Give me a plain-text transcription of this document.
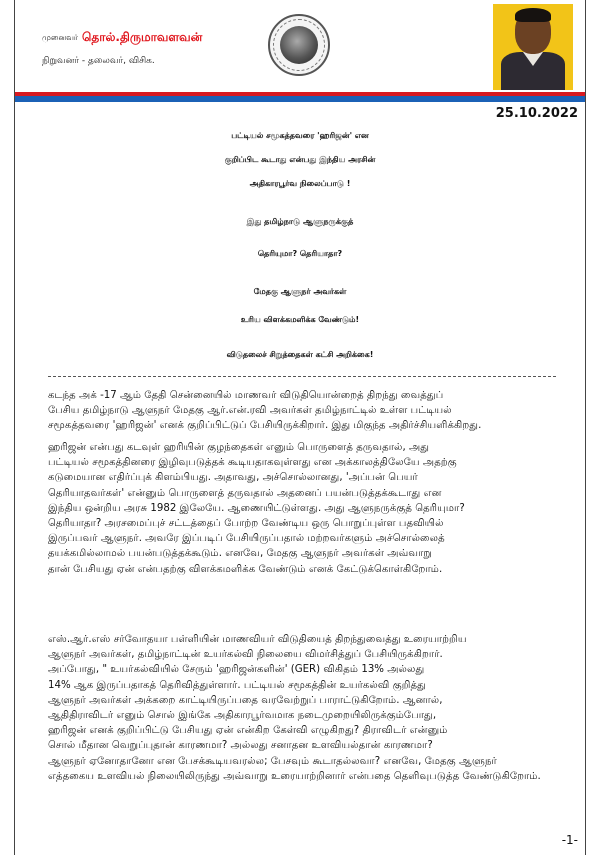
முனைவர் தொல்.திருமாவளவன்
நிறுவனர் - தலைவர், விசிக.
25.10.2022
பட்டியல் சமூகத்தவரை 'ஹரிஜன்' என
குறிப்பிட கூடாது என்பது இந்திய அரசின்
அதிகாரபூர்வ நிலைப்பாடு !
இது தமிழ்நாடு ஆளுநருக்குத்
தெரியுமா? தெரியாதா?
மேதகு ஆளுநர் அவர்கள்
உரிய விளக்கமளிக்க வேண்டும்!
விடுதலைச் சிறுத்தைகள் கட்சி அறிக்கை!
கடந்த அக் -17 ஆம் தேதி சென்னையில் மாணவர் விடுதியொன்றைத் திறந்து வைத்துப்
பேசிய தமிழ்நாடு ஆளுநர் மேதகு ஆர்.என்.ரவி அவர்கள் தமிழ்நாட்டில் உள்ள பட்டியல்
சமூகத்தவரை 'ஹரிஜன்' எனக் குறிப்பிட்டுப் பேசியிருக்கிறார். இது மிகுந்த அதிர்ச்சியளிக்கிறது.
ஹரிஜன் என்பது கடவுள் ஹரியின் குழந்தைகள் எனும் பொருளைத் தருவதால், அது
பட்டியல் சமூகத்தினரை இழிவுபடுத்தக் கூடியதாகவுள்ளது என அக்காலத்திலேயே அதற்கு
கடுமையான எதிர்ப்புக் கிளம்பியது. அதாவது, அச்சொல்லானது, 'அப்பன் பெயர்
தெரியாதவர்கள்' என்னும் பொருளைத் தருவதால் அதனைப் பயன்படுத்தக்கூடாது என
இந்திய ஒன்றிய அரசு 1982 இலேயே. ஆணையிட்டுள்ளது. அது ஆளுநருக்குத் தெரியுமா?
தெரியாதா? அரசமைப்புச் சட்டத்தைப் போற்ற வேண்டிய ஒரு பொறுப்புள்ள பதவியில்
இருப்பவர் ஆளுநர். அவரே இப்படிப் பேசியிருப்பதால் மற்றவர்களும் அச்சொல்லைத்
தயக்கமில்லாமல் பயன்படுத்தக்கூடும். எனவே, மேதகு ஆளுநர் அவர்கள் அவ்வாறு
தான் பேசியது ஏன் என்பதற்கு விளக்கமளிக்க வேண்டும் எனக் கேட்டுக்கொள்கிறோம்.
எஸ்.ஆர்.எஸ் சர்வோதயா பள்ளியின் மாணவியர் விடுதியைத் திறந்துவைத்து உரையாற்றிய
ஆளுநர் அவர்கள், தமிழ்நாட்டின் உயர்கல்வி நிலையை விமர்சித்துப் பேசியிருக்கிறார்.
அப்போது, " உயர்கல்வியில் சேரும் 'ஹரிஜன்களின்' (GER) விகிதம் 13% அல்லது
14% ஆக இருப்பதாகத் தெரிவித்துள்ளார். பட்டியல் சமூகத்தின் உயர்கல்வி குறித்து
ஆளுநர் அவர்கள் அக்கறை காட்டியிருப்பதை வரவேற்றுப் பாராட்டுகிறோம். ஆனால்,
ஆதிதிராவிடர் எனும் சொல் இங்கே அதிகாரபூர்வமாக நடைமுறையிலிருக்கும்போது,
ஹரிஜன் எனக் குறிப்பிட்டு பேசியது ஏன் என்கிற கேள்வி எழுகிறது? திராவிடர் என்னும்
சொல் மீதான வெறுப்புதான் காரணமா? அல்லது சனாதன உளவியல்தான் காரணமா?
ஆளுநர் ஏனோதானோ என பேசக்கூடியவரல்ல; பேசவும் கூடாதல்லவா? எனவே, மேதகு ஆளுநர்
எத்தகைய உளவியல் நிலையிலிருந்து அவ்வாறு உரையாற்றினார் என்பதை தெளிவுபடுத்த வேண்டுகிறோம்.
-1-
